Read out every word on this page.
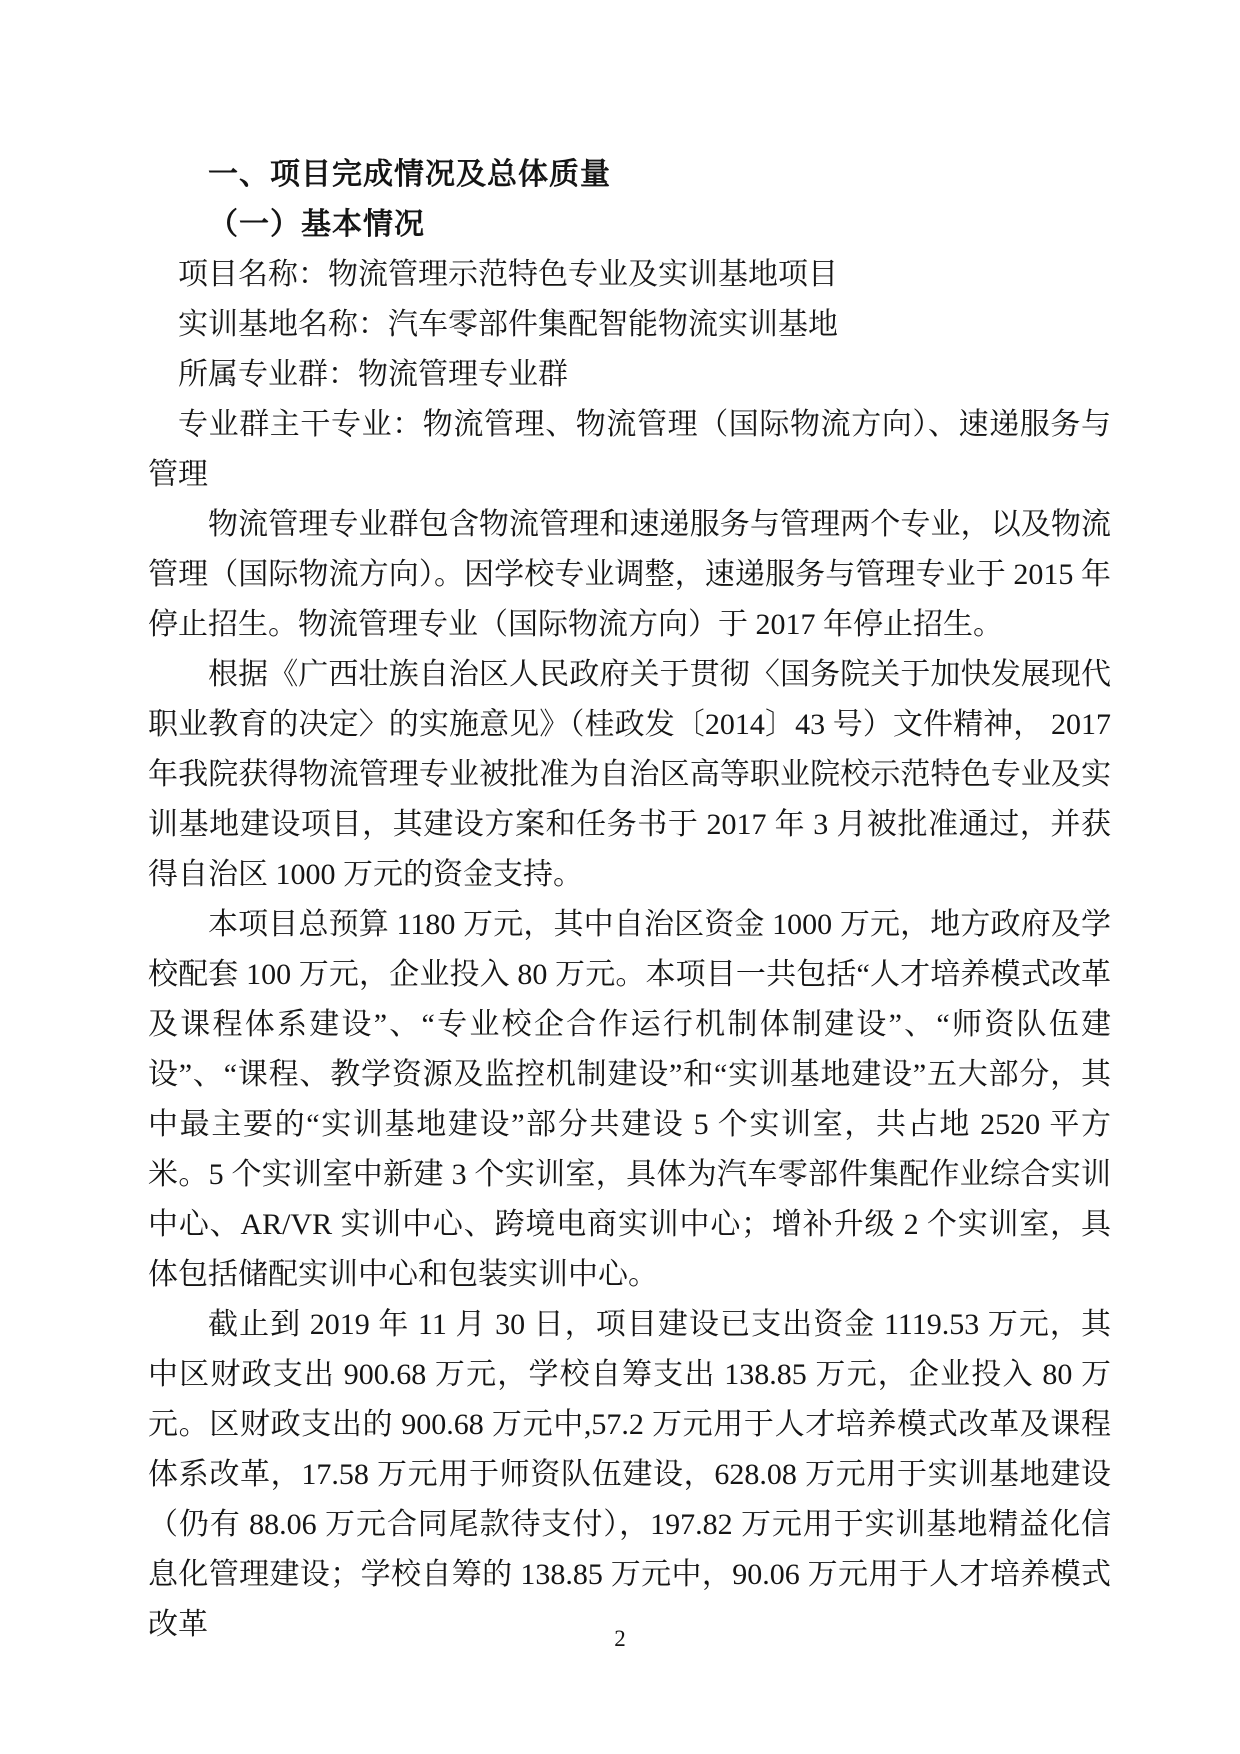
一、项目完成情况及总体质量

（一）基本情况

项目名称：物流管理示范特色专业及实训基地项目

实训基地名称：汽车零部件集配智能物流实训基地

所属专业群：物流管理专业群

专业群主干专业：物流管理、物流管理（国际物流方向）、速递服务与管理

物流管理专业群包含物流管理和速递服务与管理两个专业，以及物流管理（国际物流方向）。因学校专业调整，速递服务与管理专业于 2015 年停止招生。物流管理专业（国际物流方向）于 2017 年停止招生。

根据《广西壮族自治区人民政府关于贯彻〈国务院关于加快发展现代职业教育的决定〉的实施意见》（桂政发〔2014〕43 号）文件精神， 2017 年我院获得物流管理专业被批准为自治区高等职业院校示范特色专业及实训基地建设项目，其建设方案和任务书于 2017 年 3 月被批准通过，并获得自治区 1000 万元的资金支持。

本项目总预算 1180 万元，其中自治区资金 1000 万元，地方政府及学校配套 100 万元，企业投入 80 万元。本项目一共包括“人才培养模式改革及课程体系建设”、“专业校企合作运行机制体制建设”、“师资队伍建设”、“课程、教学资源及监控机制建设”和“实训基地建设”五大部分，其中最主要的“实训基地建设”部分共建设 5 个实训室，共占地 2520 平方米。5 个实训室中新建 3 个实训室，具体为汽车零部件集配作业综合实训中心、AR/VR 实训中心、跨境电商实训中心；增补升级 2 个实训室，具体包括储配实训中心和包装实训中心。

截止到 2019 年 11 月 30 日，项目建设已支出资金 1119.53 万元，其中区财政支出 900.68 万元，学校自筹支出 138.85 万元，企业投入 80 万元。区财政支出的 900.68 万元中,57.2 万元用于人才培养模式改革及课程体系改革，17.58 万元用于师资队伍建设，628.08 万元用于实训基地建设（仍有 88.06 万元合同尾款待支付），197.82 万元用于实训基地精益化信息化管理建设；学校自筹的 138.85 万元中，90.06 万元用于人才培养模式改革	2
